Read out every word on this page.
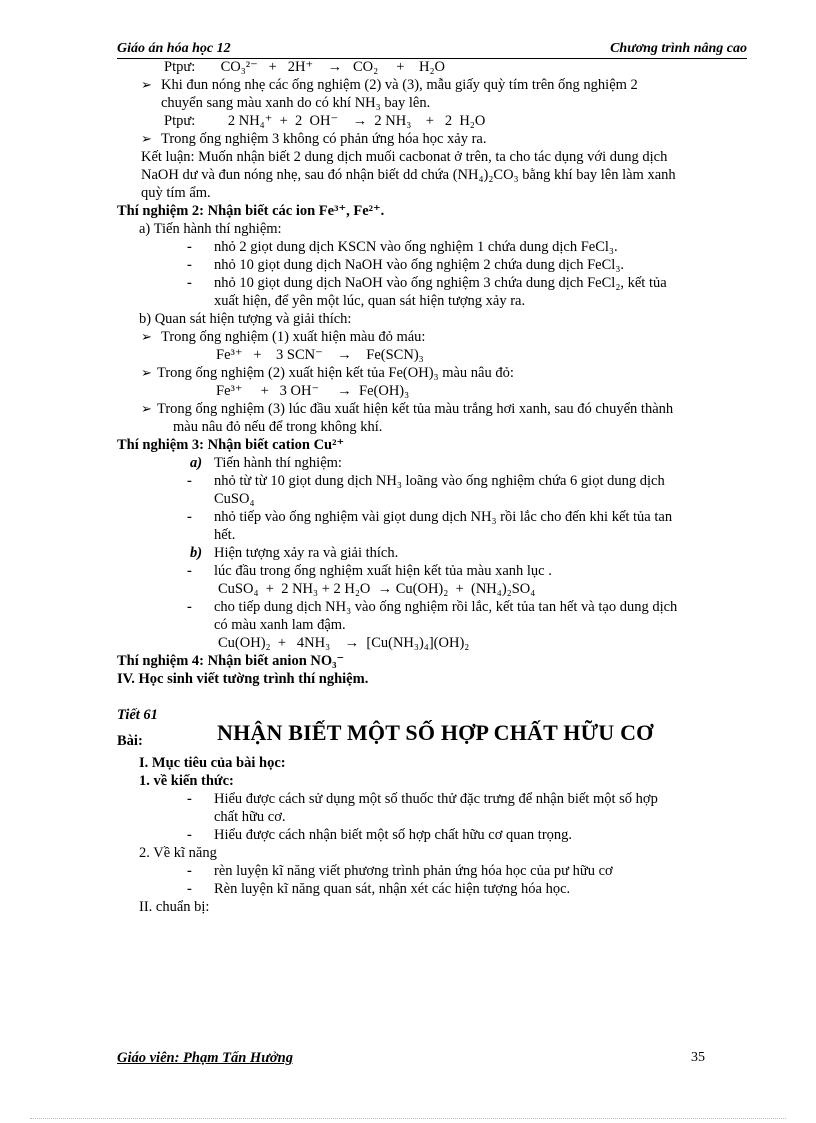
Giáo án hóa học 12	Chương trình nâng cao
Ptpư:       CO₃²⁻   +   2H⁺    →   CO₂     +    H₂O
➢ Khi đun nóng nhẹ các ống nghiệm (2) và (3), mẫu giấy quỳ tím trên ống nghiệm 2
chuyển sang màu xanh do có khí NH₃ bay lên.
Ptpư:         2 NH₄⁺  +  2  OH⁻    →  2 NH₃    +   2  H₂O
➢ Trong ống nghiệm 3 không có phản ứng hóa học xảy ra.
Kết luận: Muốn nhận biết 2 dung dịch muối cacbonat ở trên, ta cho tác dụng với dung dịch
NaOH dư và đun nóng nhẹ, sau đó nhận biết dd chứa (NH₄)₂CO₃ bằng khí bay lên làm xanh
quỳ tím ẩm.
Thí nghiệm 2: Nhận biết các ion Fe³⁺, Fe²⁺.
a) Tiến hành thí nghiệm:
- nhỏ 2 giọt dung dịch KSCN vào ống nghiệm 1 chứa dung dịch FeCl₃.
- nhỏ 10 giọt dung dịch NaOH vào ống nghiệm 2 chứa dung dịch FeCl₃.
- nhỏ 10 giọt dung dịch NaOH vào ống nghiệm 3 chứa dung dịch FeCl₂, kết tủa
xuất hiện, để yên một lúc, quan sát hiện tượng xảy ra.
b) Quan sát hiện tượng và giải thích:
➢ Trong ống nghiệm (1) xuất hiện màu đỏ máu:
Fe³⁺   +    3 SCN⁻    →    Fe(SCN)₃
➢ Trong ống nghiệm (2) xuất hiện kết tủa Fe(OH)₃ màu nâu đỏ:
Fe³⁺     +   3 OH⁻     →  Fe(OH)₃
➢ Trong ống nghiệm (3) lúc đầu xuất hiện kết tủa màu trắng hơi xanh, sau đó chuyển thành
màu nâu đỏ nếu để trong không khí.
Thí nghiệm 3: Nhận biết cation Cu²⁺
a) Tiến hành thí nghiệm:
- nhỏ từ từ 10 giọt dung dịch NH₃ loãng vào ống nghiệm chứa 6 giọt dung dịch
CuSO₄
- nhỏ tiếp vào ống nghiệm vài giọt dung dịch NH₃ rồi lắc cho đến khi kết tủa tan
hết.
b) Hiện tượng xảy ra và giải thích.
- lúc đầu trong ống nghiệm xuất hiện kết tủa màu xanh lục .
CuSO₄  +  2 NH₃ + 2 H₂O  → Cu(OH)₂  +  (NH₄)₂SO₄
- cho tiếp dung dịch NH₃ vào ống nghiệm rồi lắc, kết tủa tan hết và tạo dung dịch
có màu xanh lam đậm.
Cu(OH)₂  +   4NH₃    →  [Cu(NH₃)₄](OH)₂
Thí nghiệm 4: Nhận biết anion NO₃⁻
IV. Học sinh viết tường trình thí nghiệm.
Tiết 61
Bài:	NHẬN BIẾT MỘT SỐ HỢP CHẤT HỮU CƠ
I. Mục tiêu của bài học:
1. về kiến thức:
- Hiểu được cách sử dụng một số thuốc thử đặc trưng để nhận biết một số hợp
chất hữu cơ.
- Hiểu được cách nhận biết một số hợp chất hữu cơ quan trọng.
2. Về kĩ năng
- rèn luyện kĩ năng viết phương trình phản ứng hóa học của pư hữu cơ
- Rèn luyện kĩ năng quan sát, nhận xét các hiện tượng hóa học.
II. chuẩn bị:
Giáo viên: Phạm Tấn Hưởng	35
